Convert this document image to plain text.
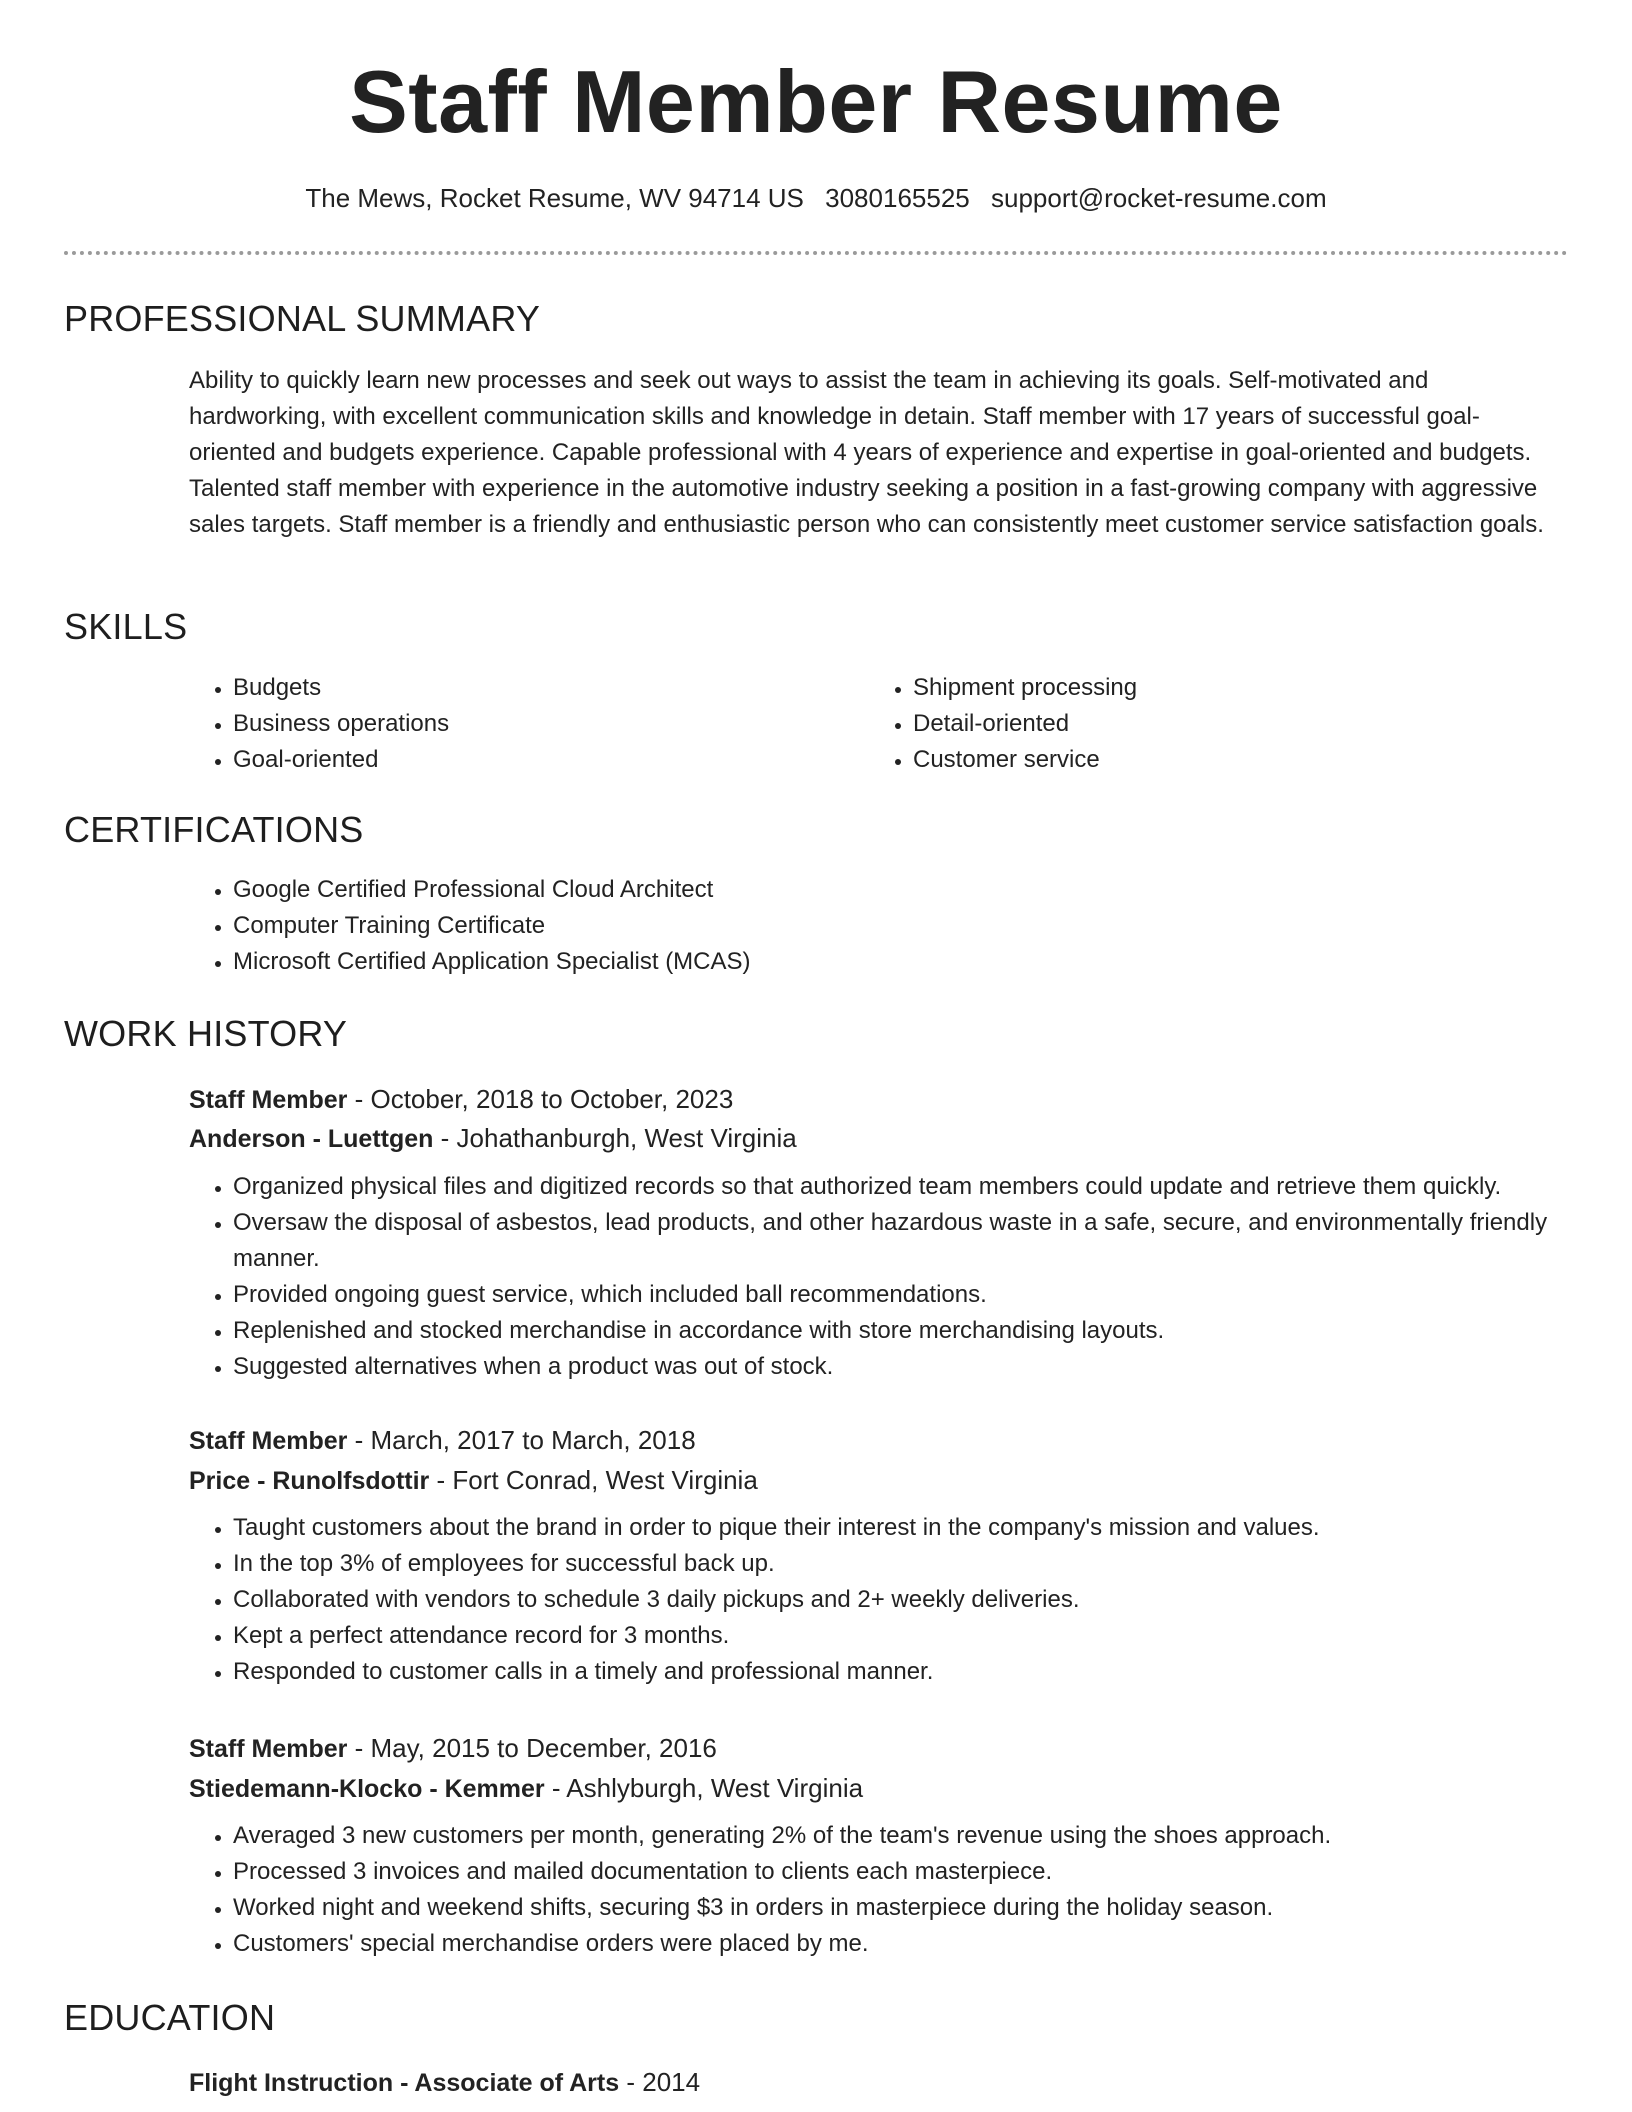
Staff Member Resume
The Mews, Rocket Resume, WV 94714 US 3080165525 support@rocket-resume.com
PROFESSIONAL SUMMARY

Ability to quickly learn new processes and seek out ways to assist the team in achieving its goals. Self-motivated and hardworking, with excellent communication skills and knowledge in detain. Staff member with 17 years of successful goal-oriented and budgets experience. Capable professional with 4 years of experience and expertise in goal-oriented and budgets. Talented staff member with experience in the automotive industry seeking a position in a fast-growing company with aggressive sales targets. Staff member is a friendly and enthusiastic person who can consistently meet customer service satisfaction goals.

SKILLS
• Budgets
• Business operations
• Goal-oriented
• Shipment processing
• Detail-oriented
• Customer service
CERTIFICATIONS
• Google Certified Professional Cloud Architect
• Computer Training Certificate
• Microsoft Certified Application Specialist (MCAS)
WORK HISTORY

Staff Member - October, 2018 to October, 2023

Anderson - Luettgen - Johathanburgh, West Virginia

• Organized physical files and digitized records so that authorized team members could update and retrieve them quickly.
• Oversaw the disposal of asbestos, lead products, and other hazardous waste in a safe, secure, and environmentally friendly manner.
• Provided ongoing guest service, which included ball recommendations.
• Replenished and stocked merchandise in accordance with store merchandising layouts.
• Suggested alternatives when a product was out of stock.

Staff Member - March, 2017 to March, 2018

Price - Runolfsdottir - Fort Conrad, West Virginia

• Taught customers about the brand in order to pique their interest in the company's mission and values.
• In the top 3% of employees for successful back up.
• Collaborated with vendors to schedule 3 daily pickups and 2+ weekly deliveries.
• Kept a perfect attendance record for 3 months.
• Responded to customer calls in a timely and professional manner.

Staff Member - May, 2015 to December, 2016

Stiedemann-Klocko - Kemmer - Ashlyburgh, West Virginia

• Averaged 3 new customers per month, generating 2% of the team's revenue using the shoes approach.
• Processed 3 invoices and mailed documentation to clients each masterpiece.
• Worked night and weekend shifts, securing $3 in orders in masterpiece during the holiday season.
• Customers' special merchandise orders were placed by me.
EDUCATION

Flight Instruction - Associate of Arts - 2014
